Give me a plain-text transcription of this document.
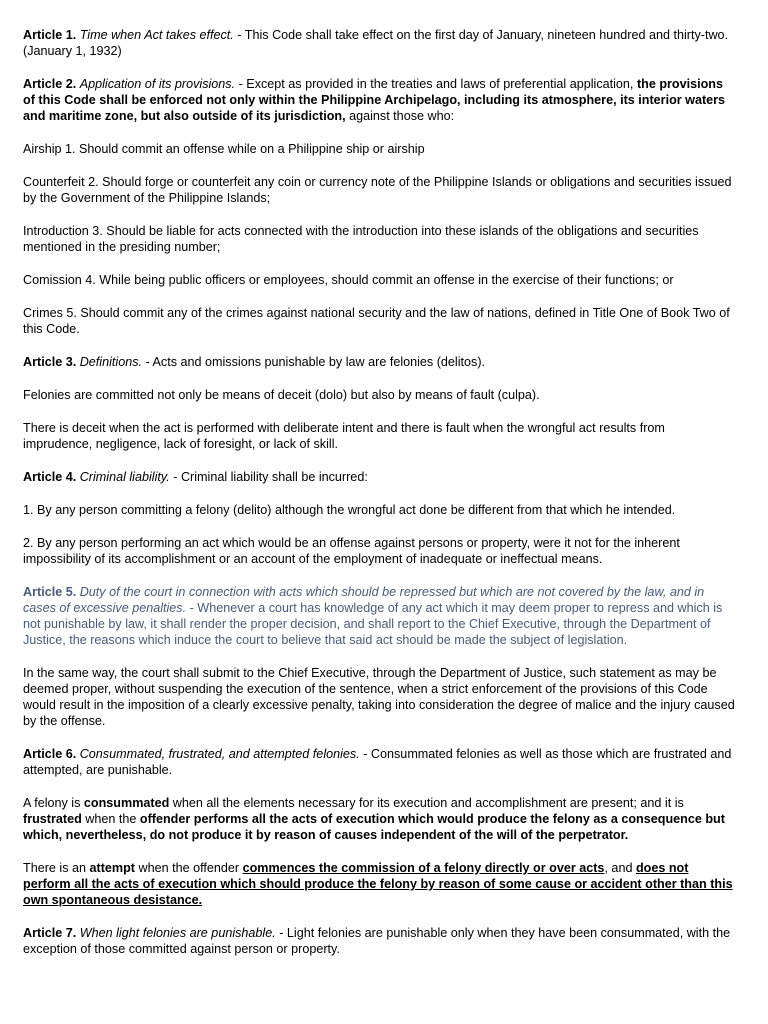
Article 1. Time when Act takes effect. - This Code shall take effect on the first day of January, nineteen hundred and thirty-two. (January 1, 1932)

Article 2. Application of its provisions. - Except as provided in the treaties and laws of preferential application, the provisions of this Code shall be enforced not only within the Philippine Archipelago, including its atmosphere, its interior waters and maritime zone, but also outside of its jurisdiction, against those who:

Airship 1. Should commit an offense while on a Philippine ship or airship

Counterfeit 2. Should forge or counterfeit any coin or currency note of the Philippine Islands or obligations and securities issued by the Government of the Philippine Islands;

Introduction 3. Should be liable for acts connected with the introduction into these islands of the obligations and securities mentioned in the presiding number;

Comission 4. While being public officers or employees, should commit an offense in the exercise of their functions; or

Crimes 5. Should commit any of the crimes against national security and the law of nations, defined in Title One of Book Two of this Code.

Article 3. Definitions. - Acts and omissions punishable by law are felonies (delitos).

Felonies are committed not only be means of deceit (dolo) but also by means of fault (culpa).

There is deceit when the act is performed with deliberate intent and there is fault when the wrongful act results from imprudence, negligence, lack of foresight, or lack of skill.

Article 4. Criminal liability. - Criminal liability shall be incurred:

1. By any person committing a felony (delito) although the wrongful act done be different from that which he intended.

2. By any person performing an act which would be an offense against persons or property, were it not for the inherent impossibility of its accomplishment or an account of the employment of inadequate or ineffectual means.

Article 5. Duty of the court in connection with acts which should be repressed but which are not covered by the law, and in cases of excessive penalties. - Whenever a court has knowledge of any act which it may deem proper to repress and which is not punishable by law, it shall render the proper decision, and shall report to the Chief Executive, through the Department of Justice, the reasons which induce the court to believe that said act should be made the subject of legislation.

In the same way, the court shall submit to the Chief Executive, through the Department of Justice, such statement as may be deemed proper, without suspending the execution of the sentence, when a strict enforcement of the provisions of this Code would result in the imposition of a clearly excessive penalty, taking into consideration the degree of malice and the injury caused by the offense.

Article 6. Consummated, frustrated, and attempted felonies. - Consummated felonies as well as those which are frustrated and attempted, are punishable.

A felony is consummated when all the elements necessary for its execution and accomplishment are present; and it is frustrated when the offender performs all the acts of execution which would produce the felony as a consequence but which, nevertheless, do not produce it by reason of causes independent of the will of the perpetrator.

There is an attempt when the offender commences the commission of a felony directly or over acts, and does not perform all the acts of execution which should produce the felony by reason of some cause or accident other than this own spontaneous desistance.

Article 7. When light felonies are punishable. - Light felonies are punishable only when they have been consummated, with the exception of those committed against person or property.
